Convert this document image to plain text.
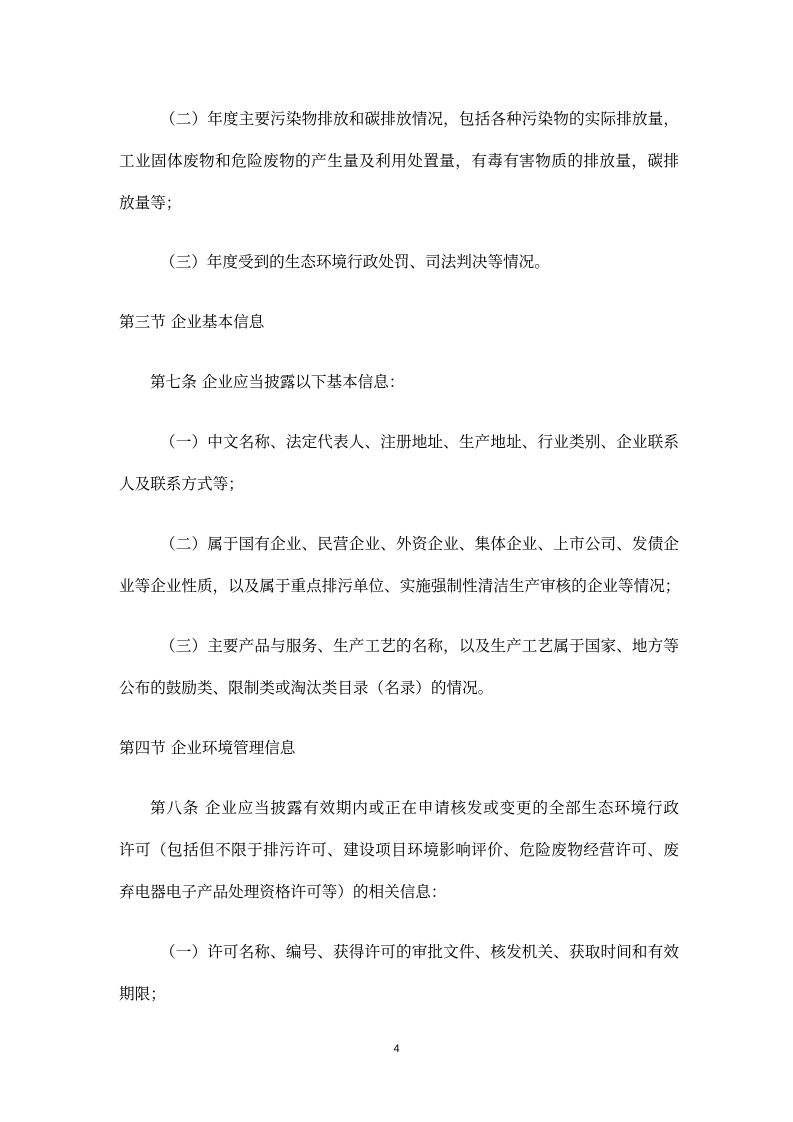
（二）年度主要污染物排放和碳排放情况，包括各种污染物的实际排放量，
工业固体废物和危险废物的产生量及利用处置量，有毒有害物质的排放量，碳排
放量等；
（三）年度受到的生态环境行政处罚、司法判决等情况。
第三节 企业基本信息
第七条 企业应当披露以下基本信息：
（一）中文名称、法定代表人、注册地址、生产地址、行业类别、企业联系
人及联系方式等；
（二）属于国有企业、民营企业、外资企业、集体企业、上市公司、发债企
业等企业性质，以及属于重点排污单位、实施强制性清洁生产审核的企业等情况；
（三）主要产品与服务、生产工艺的名称，以及生产工艺属于国家、地方等
公布的鼓励类、限制类或淘汰类目录（名录）的情况。
第四节 企业环境管理信息
第八条 企业应当披露有效期内或正在申请核发或变更的全部生态环境行政
许可（包括但不限于排污许可、建设项目环境影响评价、危险废物经营许可、废
弃电器电子产品处理资格许可等）的相关信息：
（一）许可名称、编号、获得许可的审批文件、核发机关、获取时间和有效
期限；
4
